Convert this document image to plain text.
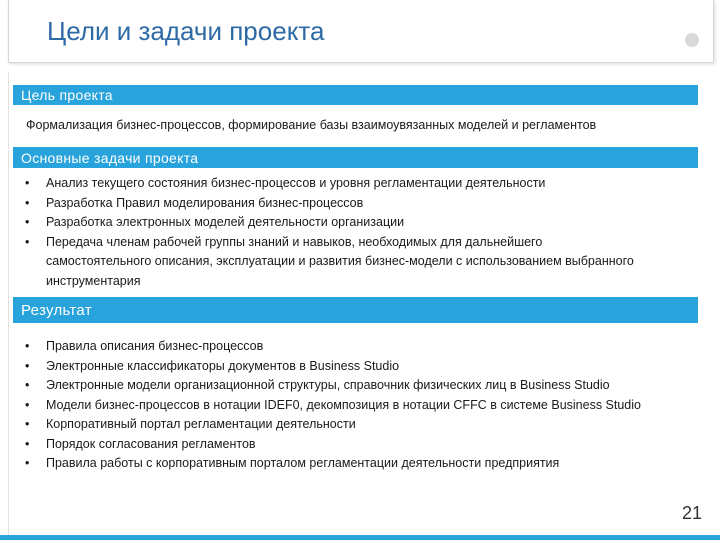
Цели и задачи проекта
Цель проекта
Формализация бизнес-процессов, формирование базы взаимоувязанных моделей и регламентов
Основные задачи проекта
• Анализ текущего состояния бизнес-процессов и уровня регламентации деятельности
• Разработка Правил моделирования бизнес-процессов
• Разработка электронных моделей деятельности организации
• Передача членам рабочей группы знаний и навыков, необходимых для дальнейшего самостоятельного описания, эксплуатации и развития бизнес-модели с использованием выбранного инструментария
Результат
• Правила описания бизнес-процессов
• Электронные классификаторы документов в Business Studio
• Электронные модели организационной структуры, справочник физических лиц в Business Studio
• Модели бизнес-процессов в нотации IDEF0, декомпозиция в нотации CFFC в системе Business Studio
• Корпоративный портал регламентации деятельности
• Порядок согласования регламентов
• Правила работы с корпоративным порталом регламентации деятельности предприятия
21
